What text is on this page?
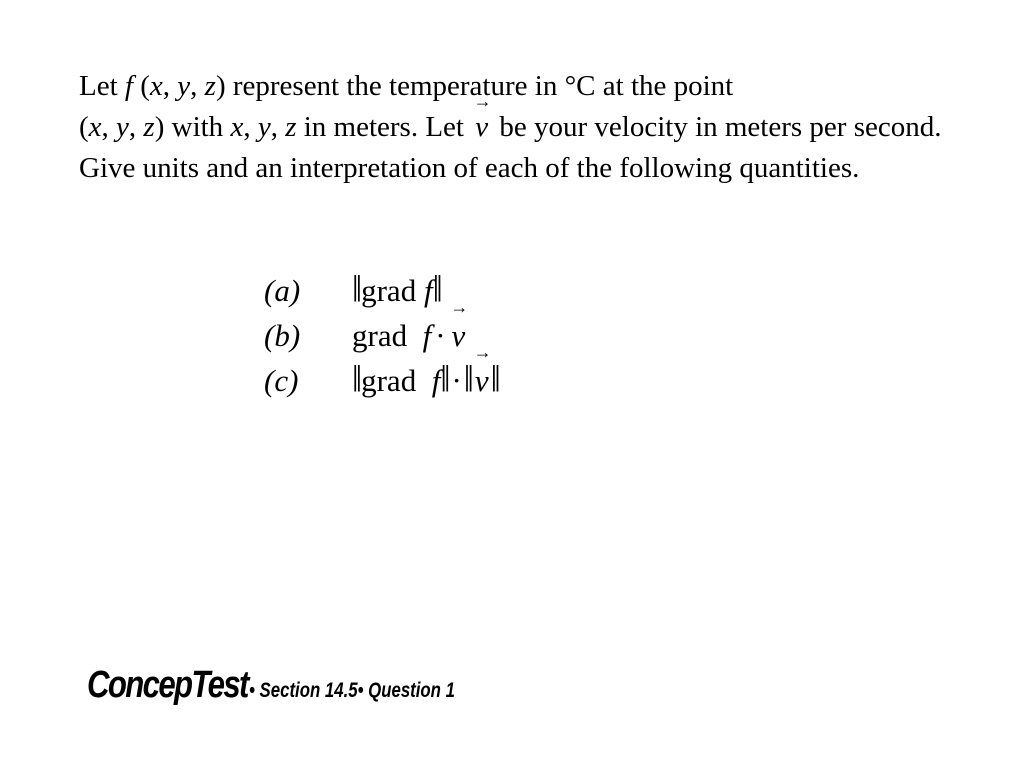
Let f (x, y, z) represent the temperature in °C at the point
(x, y, z) with x, y, z in meters. Let → v be your velocity in meters per second. Give units and an interpretation of each of the following quantities.

(a)	‖ grad
f ‖
(b)	grad
f · → v
(c)	‖ grad
f ‖ · ‖ → v ‖
ConcepTest• Section 14.5• Question 1
